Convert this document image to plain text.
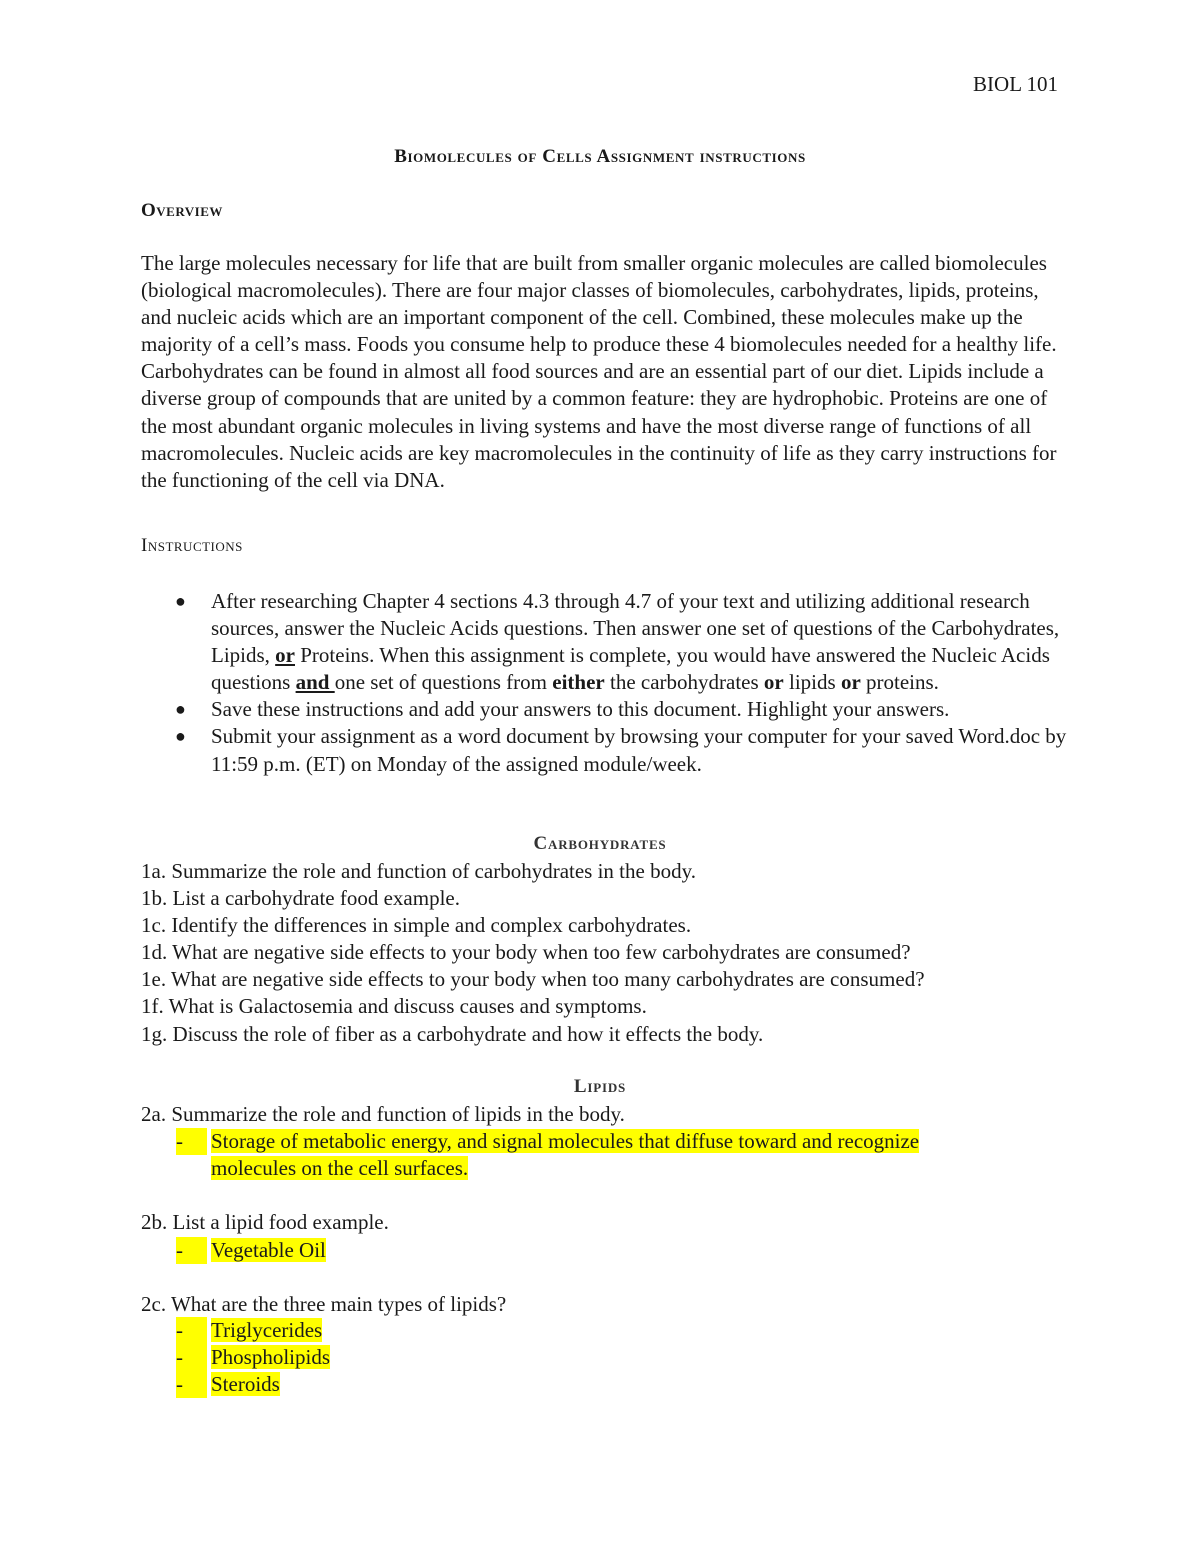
BIOL 101
Biomolecules of Cells Assignment instructions
Overview

The large molecules necessary for life that are built from smaller organic molecules are called biomolecules (biological macromolecules). There are four major classes of biomolecules, carbohydrates, lipids, proteins, and nucleic acids which are an important component of the cell. Combined, these molecules make up the majority of a cell’s mass. Foods you consume help to produce these 4 biomolecules needed for a healthy life. Carbohydrates can be found in almost all food sources and are an essential part of our diet. Lipids include a diverse group of compounds that are united by a common feature: they are hydrophobic. Proteins are one of the most abundant organic molecules in living systems and have the most diverse range of functions of all macromolecules. Nucleic acids are key macromolecules in the continuity of life as they carry instructions for the functioning of the cell via DNA.

Instructions
● After researching Chapter 4 sections 4.3 through 4.7 of your text and utilizing additional research sources, answer the Nucleic Acids questions. Then answer one set of questions of the Carbohydrates, Lipids, or Proteins. When this assignment is complete, you would have answered the Nucleic Acids questions and one set of questions from either the carbohydrates or lipids or proteins.
● Save these instructions and add your answers to this document. Highlight your answers.
● Submit your assignment as a word document by browsing your computer for your saved Word.doc by 11:59 p.m. (ET) on Monday of the assigned module/week.
Carbohydrates
1a. Summarize the role and function of carbohydrates in the body.
1b. List a carbohydrate food example.
1c. Identify the differences in simple and complex carbohydrates.
1d. What are negative side effects to your body when too few carbohydrates are consumed?
1e. What are negative side effects to your body when too many carbohydrates are consumed?
1f. What is Galactosemia and discuss causes and symptoms.
1g. Discuss the role of fiber as a carbohydrate and how it effects the body.
Lipids
2a. Summarize the role and function of lipids in the body.
-	Storage of metabolic energy, and signal molecules that diffuse toward and recognize
molecules on the cell surfaces.
2b. List a lipid food example.
-	Vegetable Oil
2c. What are the three main types of lipids?
-	Triglycerides
-	Phospholipids
-	Steroids
